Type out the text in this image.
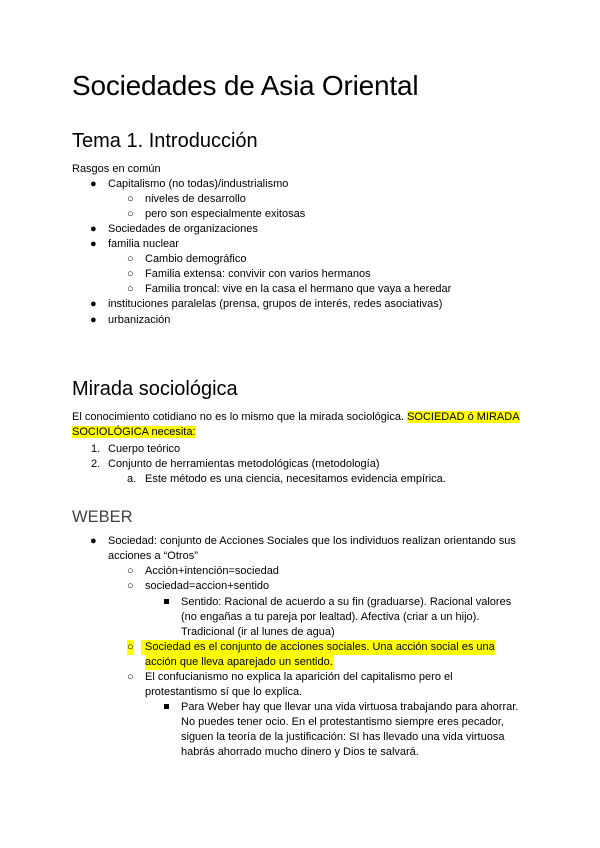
Sociedades de Asia Oriental
Tema 1. Introducción

Rasgos en común

● Capitalismo (no todas)/industrialismo
○ niveles de desarrollo
○ pero son especialmente exitosas
● Sociedades de organizaciones
● familia nuclear
○ Cambio demográfico
○ Familia extensa: convivir con varios hermanos
○ Familia troncal: vive en la casa el hermano que vaya a heredar
● instituciones paralelas (prensa, grupos de interés, redes asociativas)
● urbanización
Mirada sociológica

El conocimiento cotidiano no es lo mismo que la mirada sociológica. SOCIEDAD ó MIRADA

SOCIOLÓGICA necesita:

1. Cuerpo teórico
2. Conjunto de herramientas metodológicas (metodología)
a. Este método es una ciencia, necesitamos evidencia empírica.
WEBER
● Sociedad: conjunto de Acciones Sociales que los individuos realizan orientando sus
acciones a “Otros”
○ Acción+intención=sociedad
○ sociedad=accion+sentido
Sentido: Racional de acuerdo a su fin (graduarse). Racional valores
(no engañas a tu pareja por lealtad). Afectiva (criar a un hijo).
Tradicional (ir al lunes de agua)
○	Sociedad es el conjunto de acciones sociales. Una acción social es una
acción que lleva aparejado un sentido.
○ El confucianismo no explica la aparición del capitalismo pero el
protestantismo sí que lo explica.
Para Weber hay que llevar una vida virtuosa trabajando para ahorrar.
No puedes tener ocio. En el protestantismo siempre eres pecador,
siguen la teoría de la justificación: SI has llevado una vida virtuosa
habrás ahorrado mucho dinero y Dios te salvará.
